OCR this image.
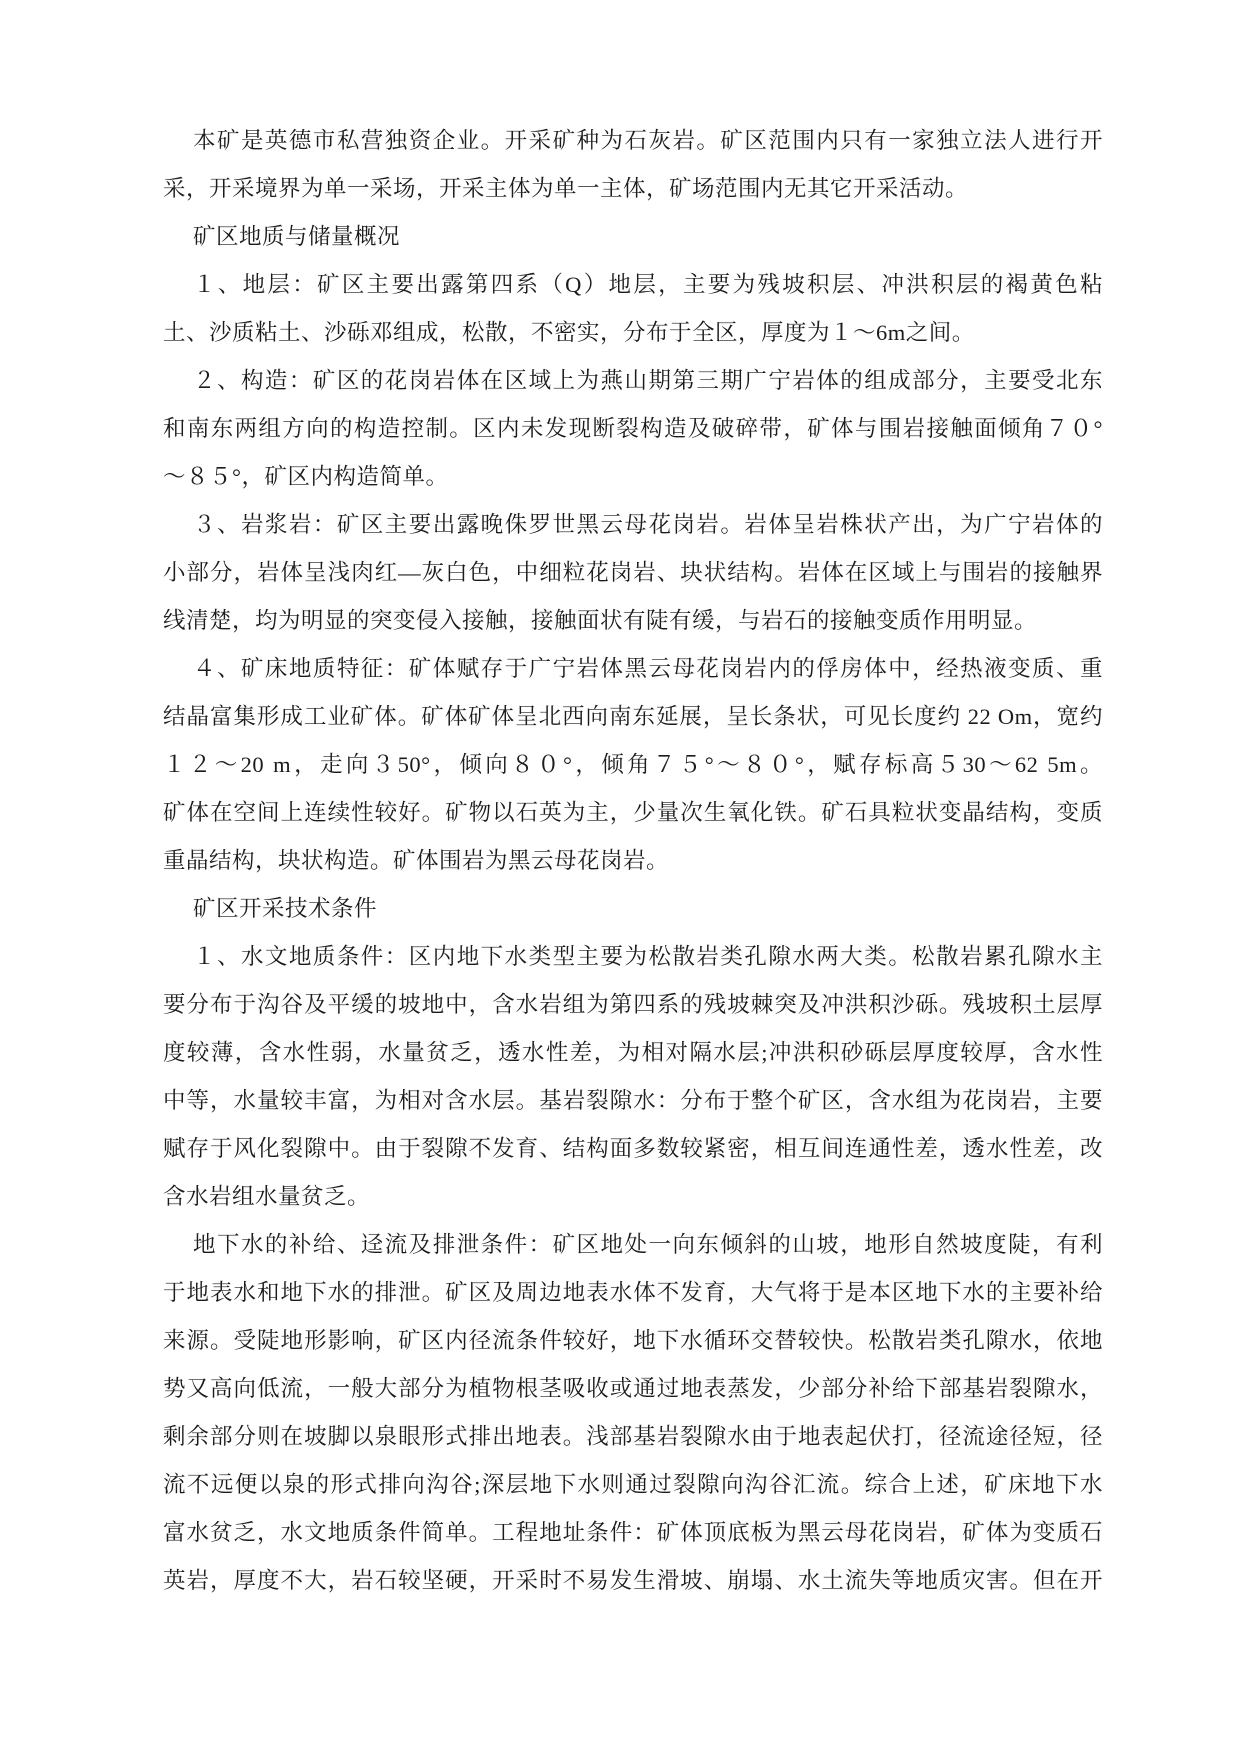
本矿是英德市私营独资企业。开采矿种为石灰岩。矿区范围内只有一家独立法人进行开
采，开采境界为单一采场，开采主体为单一主体，矿场范围内无其它开采活动。
矿区地质与储量概况
１、地层：矿区主要出露第四系（Q）地层，主要为残坡积层、冲洪积层的褐黄色粘
土、沙质粘土、沙砾邓组成，松散，不密实，分布于全区，厚度为１～6m之间。
２、构造：矿区的花岗岩体在区域上为燕山期第三期广宁岩体的组成部分，主要受北东
和南东两组方向的构造控制。区内未发现断裂构造及破碎带，矿体与围岩接触面倾角７０°
～８５°，矿区内构造简单。
３、岩浆岩：矿区主要出露晚侏罗世黑云母花岗岩。岩体呈岩株状产出，为广宁岩体的
小部分，岩体呈浅肉红—灰白色，中细粒花岗岩、块状结构。岩体在区域上与围岩的接触界
线清楚，均为明显的突变侵入接触，接触面状有陡有缓，与岩石的接触变质作用明显。
４、矿床地质特征：矿体赋存于广宁岩体黑云母花岗岩内的俘房体中，经热液变质、重
结晶富集形成工业矿体。矿体矿体呈北西向南东延展，呈长条状，可见长度约 22 Om，宽约
１２～20 m，走向３50°，倾向８０°，倾角７５°～８０°，赋存标高５30～62 5m。
矿体在空间上连续性较好。矿物以石英为主，少量次生氧化铁。矿石具粒状变晶结构，变质
重晶结构，块状构造。矿体围岩为黑云母花岗岩。
矿区开采技术条件
１、水文地质条件：区内地下水类型主要为松散岩类孔隙水两大类。松散岩累孔隙水主
要分布于沟谷及平缓的坡地中，含水岩组为第四系的残坡棘突及冲洪积沙砾。残坡积土层厚
度较薄，含水性弱，水量贫乏，透水性差，为相对隔水层;冲洪积砂砾层厚度较厚，含水性
中等，水量较丰富，为相对含水层。基岩裂隙水：分布于整个矿区，含水组为花岗岩，主要
赋存于风化裂隙中。由于裂隙不发育、结构面多数较紧密，相互间连通性差，透水性差，改
含水岩组水量贫乏。
地下水的补给、迳流及排泄条件：矿区地处一向东倾斜的山坡，地形自然坡度陡，有利
于地表水和地下水的排泄。矿区及周边地表水体不发育，大气将于是本区地下水的主要补给
来源。受陡地形影响，矿区内径流条件较好，地下水循环交替较快。松散岩类孔隙水，依地
势又高向低流，一般大部分为植物根茎吸收或通过地表蒸发，少部分补给下部基岩裂隙水，
剩余部分则在坡脚以泉眼形式排出地表。浅部基岩裂隙水由于地表起伏打，径流途径短，径
流不远便以泉的形式排向沟谷;深层地下水则通过裂隙向沟谷汇流。综合上述，矿床地下水
富水贫乏，水文地质条件简单。工程地址条件：矿体顶底板为黑云母花岗岩，矿体为变质石
英岩，厚度不大，岩石较坚硬，开采时不易发生滑坡、崩塌、水土流失等地质灾害。但在开
